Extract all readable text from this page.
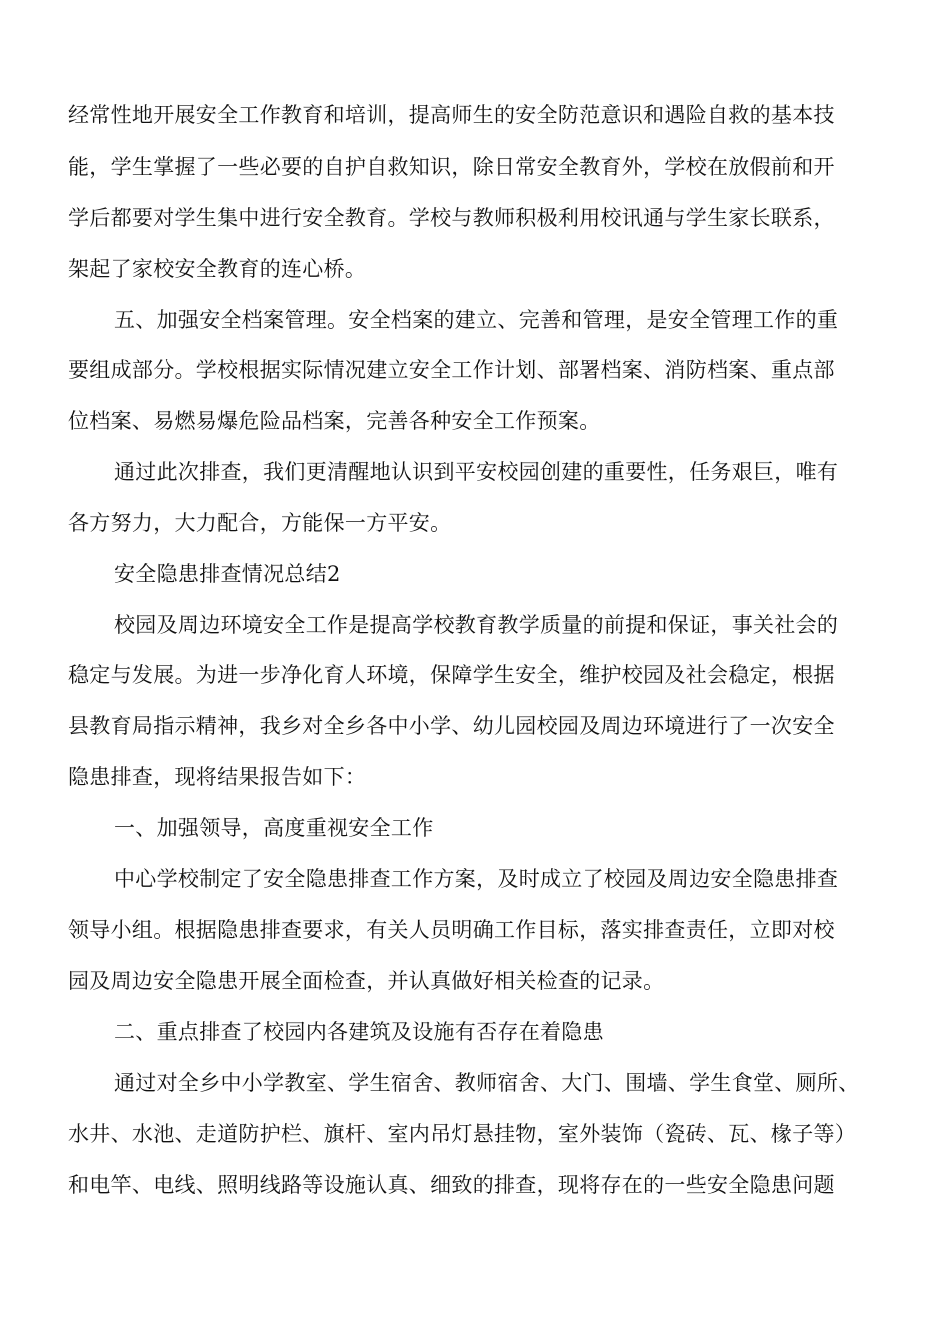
经常性地开展安全工作教育和培训，提高师生的安全防范意识和遇险自救的基本技
能，学生掌握了一些必要的自护自救知识，除日常安全教育外，学校在放假前和开
学后都要对学生集中进行安全教育。学校与教师积极利用校讯通与学生家长联系，
架起了家校安全教育的连心桥。
五、加强安全档案管理。安全档案的建立、完善和管理，是安全管理工作的重
要组成部分。学校根据实际情况建立安全工作计划、部署档案、消防档案、重点部
位档案、易燃易爆危险品档案，完善各种安全工作预案。
通过此次排查，我们更清醒地认识到平安校园创建的重要性，任务艰巨，唯有
各方努力，大力配合，方能保一方平安。
安全隐患排查情况总结2
校园及周边环境安全工作是提高学校教育教学质量的前提和保证，事关社会的
稳定与发展。为进一步净化育人环境，保障学生安全，维护校园及社会稳定，根据
县教育局指示精神，我乡对全乡各中小学、幼儿园校园及周边环境进行了一次安全
隐患排查，现将结果报告如下：
一、加强领导，高度重视安全工作
中心学校制定了安全隐患排查工作方案，及时成立了校园及周边安全隐患排查
领导小组。根据隐患排查要求，有关人员明确工作目标，落实排查责任，立即对校
园及周边安全隐患开展全面检查，并认真做好相关检查的记录。
二、重点排查了校园内各建筑及设施有否存在着隐患
通过对全乡中小学教室、学生宿舍、教师宿舍、大门、围墙、学生食堂、厕所、
水井、水池、走道防护栏、旗杆、室内吊灯悬挂物，室外装饰（瓷砖、瓦、椽子等）
和电竿、电线、照明线路等设施认真、细致的排查，现将存在的一些安全隐患问题
